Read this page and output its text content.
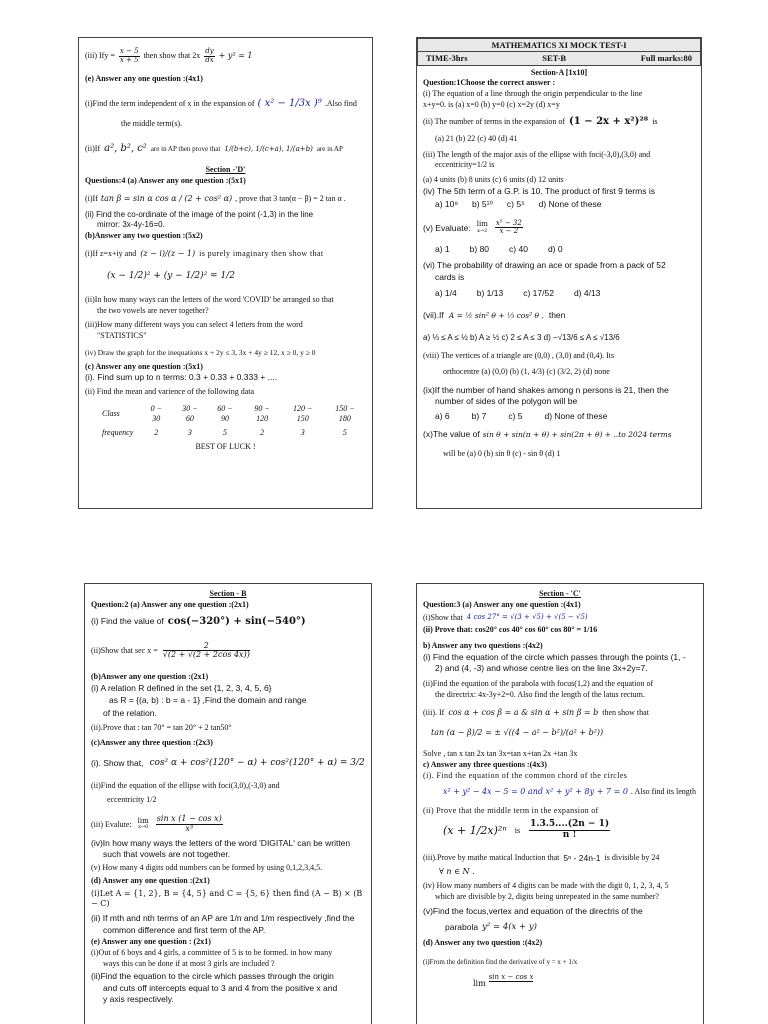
(iii) Ify = $\frac{x - 5}{x + 5}$ then show that $2x \frac{dy}{dx} + y^2 = 1$
(e) Answer any one question :(4x1)
(i)Find the term independent of x in the expansion of ( x² − 1/3x )⁹ .Also find
the middle term(s).
(ii)If a², b², c² are in AP then prove that 1/(b+c), 1/(c+a), 1/(a+b) are in AP
Section -'D'
Questions:4 (a) Answer any one question :(5x1)
(i)If tan β = sin α cos α / (2 + cos² α) , prove that 3 tan(α − β) = 2 tan α .
(ii) Find the co-ordinate of the image of the point (-1,3) in the line
mirror: 3x-4y-16=0.
(b)Answer any two question :(5x2)
(i)If z=x+iy and (z − i)/(z − 1) is purely imaginary then show that
(x − 1/2)² + (y − 1/2)² = 1/2
(ii)In how many ways can the letters of the word 'COVID' be arranged so that
the two vowels are never together?
(iii)How many different ways you can select 4 letters from the word
"STATISTICS"
(iv) Draw the graph for the inequations x + 2y ≤ 3, 3x + 4y ≥ 12, x ≥ 0, y ≥ 0
(c) Answer any one question :(5x1)
(i). Find sum up to n terms: 0.3 + 0.33 + 0.333 + ....
(ii) Find the mean and varience of the following data
Class	0 − 30	30 − 60	60 − 90	90 − 120	120 − 150	150 − 180
frequency	2	3	5	2	3	5
BEST OF LUCK !
MATHEMATICS XI MOCK TEST-I
TIME-3hrs	SET-B	Full marks:80
Section-A [1x10]
Question:1Choose the correct answer :
(i) The equation of a line through the origin perpendicular to the line
x+y=0. is (a) x=0 (b) y=0 (c) x=2y (d) x=y
(ii) The number of terms in the expansion of (1 − 2x + x²)²⁸ is
(a) 21 (b) 22 (c) 40 (d) 41
(iii) The length of the major axis of the ellipse with foci(-3,0),(3,0) and
eccentricity=1/2 is
(a) 4 units (b) 8 units (c) 6 units (d) 12 units
(iv) The 5th term of a G.P. is 10. The product of first 9 terms is
a) 10⁹ b) 5¹⁰ c) 5⁵ d) None of these
(v) Evaluate: lim
$x\to 2 \frac{\text{x⁵ − 32}}{x - 2}$
a) 1 b) 80 c) 40 d) 0
(vi) The probability of drawing an ace or spade from a pack of 52
cards is
a) 1/4 b) 1/13 c) 17/52 d) 4/13
(vii).If A = ½ sin² θ + ⅓ cos² θ , then
a) ⅓ ≤ A ≤ ½ b) A ≥ ½ c) 2 ≤ A ≤ 3 d) −√13/6 ≤ A ≤ √13/6
(viii) The vertices of a triangle are (0,0) , (3,0) and (0,4). Its
orthocentre (a) (0,0) (b) (1, 4/3) (c) (3/2, 2) (d) none
(ix)If the number of hand shakes among n persons is 21, then the
number of sides of the polygon will be
a) 6	b) 7	c) 5	d) None of these
(x)The value of sin θ + sin(π + θ) + sin(2π + θ) + ..to 2024 terms
will be (a) 0 (b) sin θ (c) - sin θ (d) 1
Section - B
Question:2 (a) Answer any one question :(2x1)
(i) Find the value of cos(−320°) + sin(−540°)
(ii)Show that $\sec x = \frac{2}{√(2 + √(2 + 2\cos 4x))}$
(b)Answer any one question :(2x1)
(i) A relation R defined in the set {1, 2, 3, 4, 5, 6}
as R = {(a, b) : b = a - 1} ,Find the domain and range
of the relation.
(ii).Prove that : tan 70° = tan 20° + 2 tan50°
(c)Answer any three question :(2x3)
(i). Show that, cos² α + cos²(120° − α) + cos²(120° + α) = 3/2
(ii)Find the equation of the ellipse with foci(3,0),(-3,0) and
eccentricity 1/2
(iii) Evalute: lim
$x\to 0 \frac{\text{sin x (1 − cos x)}}{\text{x³}}$
(iv)In how many ways the letters of the word 'DIGITAL' can be written
such that vowels are not together.
(v) How many 4 digits odd numbers can be formed by using 0,1,2,3,4,5.
(d) Answer any one question :(2x1)
(i)Let A = {1, 2}, B = {4, 5} and C = {5, 6} then find (A − B) × (B − C)
(ii) If mth and nth terms of an AP are 1/n and 1/m respectively ,find the
common difference and first term of the AP.
(e) Answer any one question : (2x1)
(i)Out of 6 boys and 4 girls, a committee of 5 is to be formed. in how many
ways this can be done if at most 3 girls are included ?
(ii)Find the equation to the circle which passes through the origin
and cuts off intercepts equal to 3 and 4 from the positive x and
y axis respectively.
Section - 'C'
Question:3 (a) Answer any one question :(4x1)
(i)Show that 4 cos 27° = √(3 + √5) + √(5 − √5)
(ii) Prove that: cos20° cos 40° cos 60° cos 80° = 1/16
b) Answer any two questions :(4x2)
(i) Find the equation of the circle which passes through the points (1, -
2) and (4, -3) and whose centre lies on the line 3x+2y=7.
(ii)Find the equation of the parabola with focus(1,2) and the equation of
the directrix: 4x-3y+2=0. Also find the length of the latus rectum.
(iii). If cos α + cos β = a & sin α + sin β = b then show that
tan (α − β)/2 = ± √((4 − a² − b²)/(a² + b²))
Solve , tan x tan 2x tan 3x=tan x+tan 2x +tan 3x
c) Answer any three questions :(4x3)
(i). Find the equation of the common chord of the circles
x² + y² − 4x − 5 = 0 and x² + y² + 8y + 7 = 0 . Also find its length
(ii) Prove that the middle term in the expansion of
(x + 1/2x)²ⁿ is $\frac{1.3.5....(2n - 1)}{n !}$
(iii).Prove by mathe matical Induction that 5ⁿ - 24n-1 is divisible by 24
∀ n ∈ N .
(iv) How many numbers of 4 digits can be made with the digit 0, 1, 2, 3, 4, 5
which are divisible by 2, digits being unrepeated in the same number?
(v)Find the focus,vertex and equation of the directris of the
parabola y² = 4(x + y)
(d) Answer any two question :(4x2)
(i)From the definition find the derivative of y = x + 1/x
lim
sin x − cos x
